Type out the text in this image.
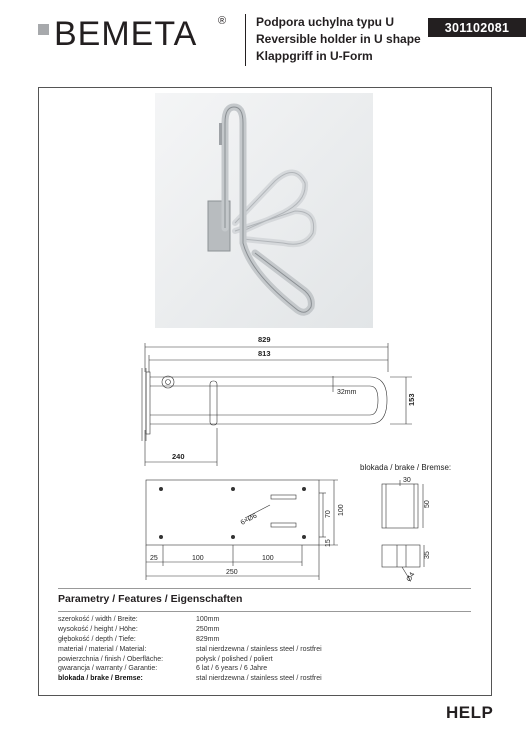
BEMETA ® Podpora uchylna typu U
Reversible holder in U shape
Klappgriff in U-Form
301102081
829
813
32mm
153
240
6×Ø6
100
70
15
25	100	100
250
30
50
35
Ø4
blokada / brake / Bremse:
Parametry / Features / Eigenschaften
szerokość / width / Breite:	100mm
wysokość / height / Höhe:	250mm
głębokość / depth / Tiefe:	829mm
materiał / material / Material:	stal nierdzewna / stainless steel / rostfrei
powierzchnia / finish / Oberfläche:	połysk / polished / poliert
gwarancja / warranty / Garantie:	6 lat / 6 years / 6 Jahre
blokada / brake / Bremse:	stal nierdzewna / stainless steel / rostfrei
HELP
